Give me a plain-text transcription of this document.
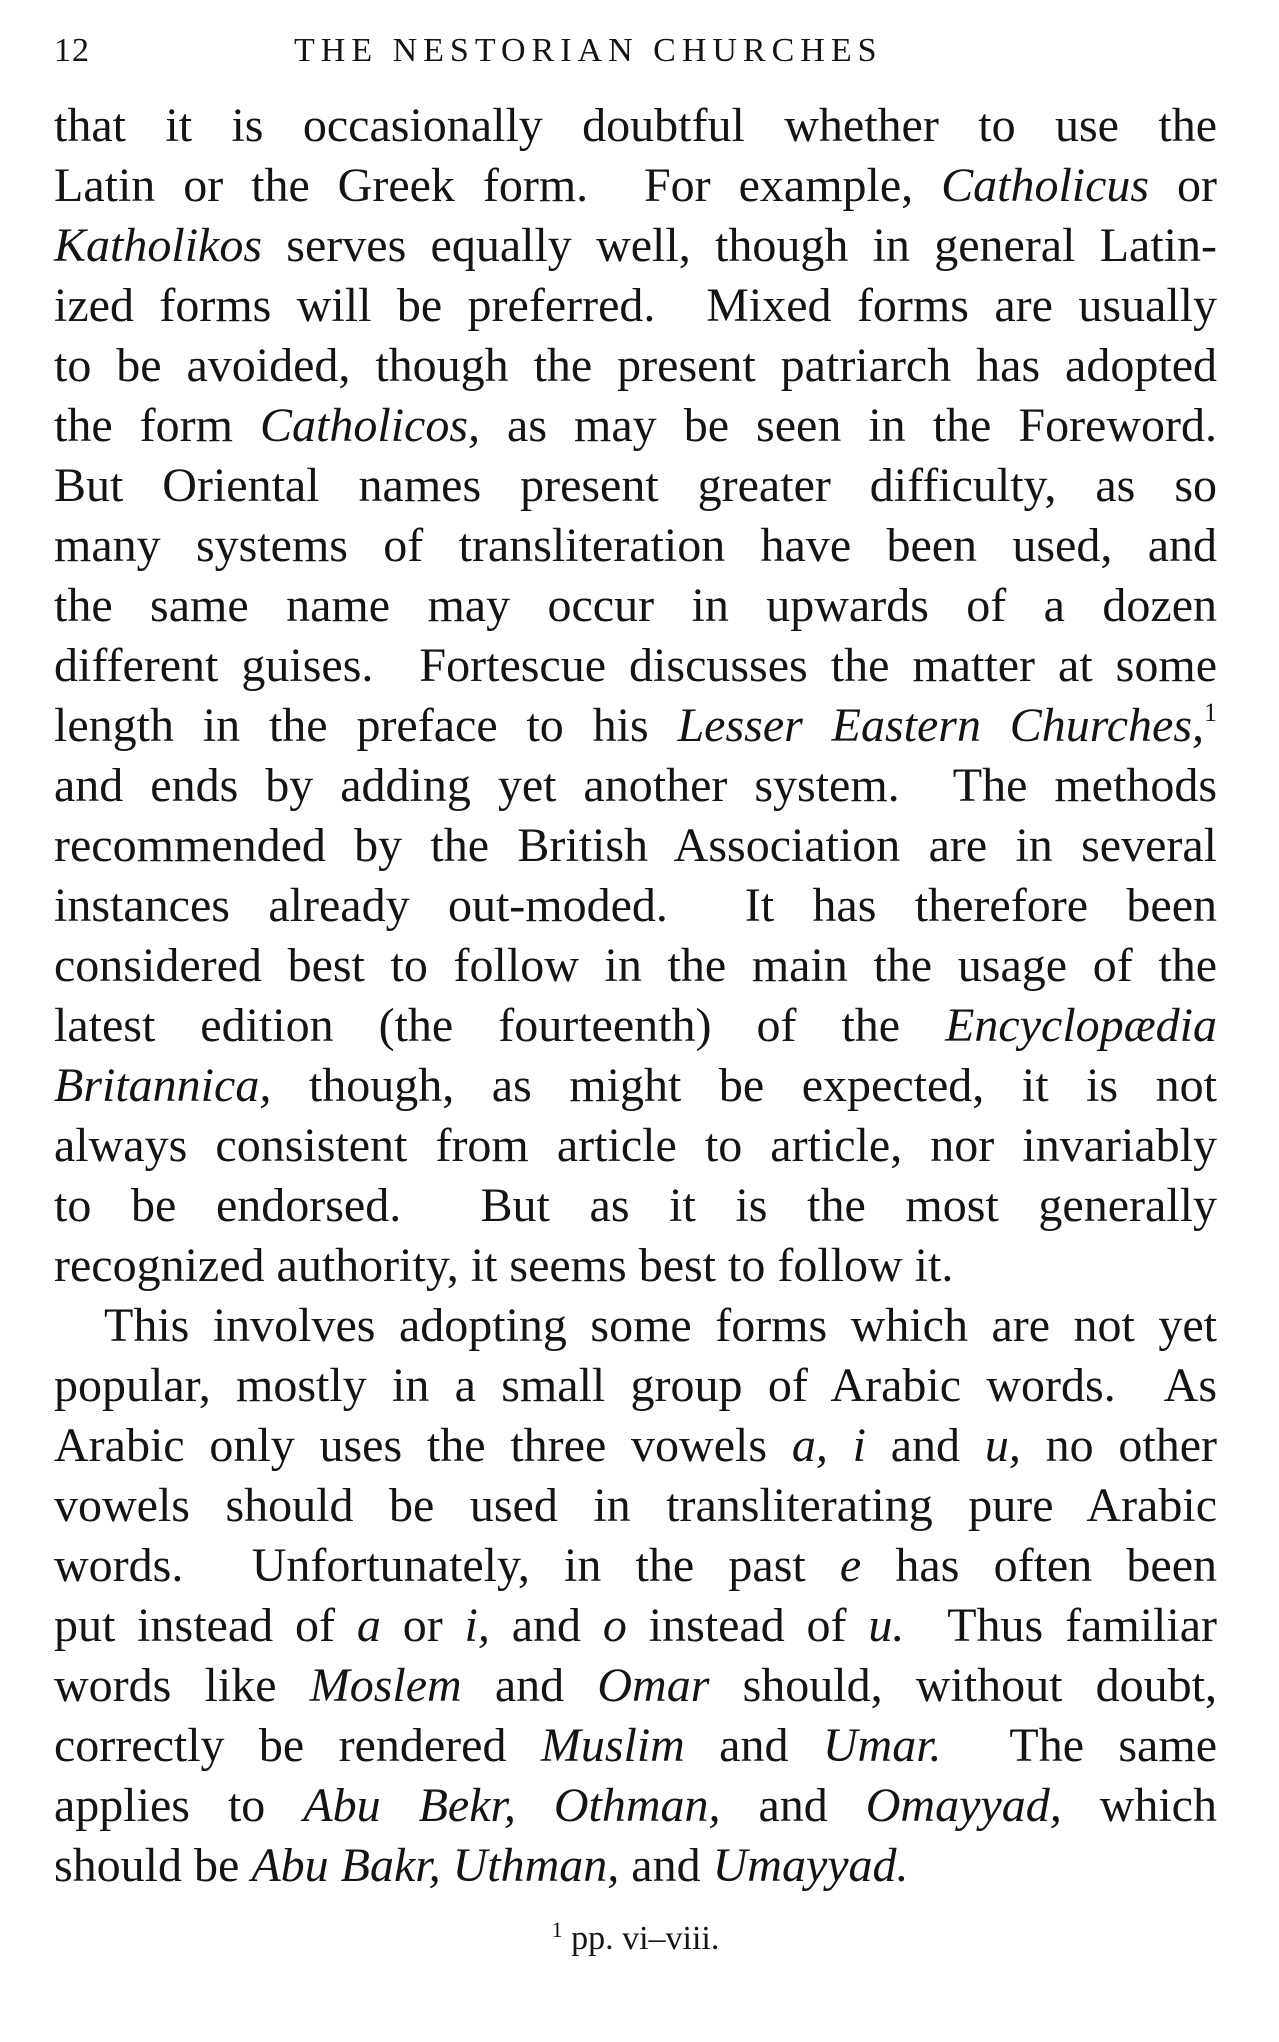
12	THE NESTORIAN CHURCHES
that it is occasionally doubtful whether to use the
Latin or the Greek form.  For example, Catholicus or
Katholikos serves equally well, though in general Latin-
ized forms will be preferred.  Mixed forms are usually
to be avoided, though the present patriarch has adopted
the form Catholicos, as may be seen in the Foreword.
But Oriental names present greater difficulty, as so
many systems of transliteration have been used, and
the same name may occur in upwards of a dozen
different guises.  Fortescue discusses the matter at some
length in the preface to his Lesser Eastern Churches,$^1$
and ends by adding yet another system.  The methods
recommended by the British Association are in several
instances already out-moded.  It has therefore been
considered best to follow in the main the usage of the
latest edition (the fourteenth) of the Encyclopædia
Britannica, though, as might be expected, it is not
always consistent from article to article, nor invariably
to be endorsed.  But as it is the most generally
recognized authority, it seems best to follow it.
This involves adopting some forms which are not yet
popular, mostly in a small group of Arabic words.  As
Arabic only uses the three vowels a, i and u, no other
vowels should be used in transliterating pure Arabic
words.  Unfortunately, in the past e has often been
put instead of a or i, and o instead of u.  Thus familiar
words like Moslem and Omar should, without doubt,
correctly be rendered Muslim and Umar.  The same
applies to Abu Bekr, Othman, and Omayyad, which
should be Abu Bakr, Uthman, and Umayyad.
$^1$ pp. vi–viii.
